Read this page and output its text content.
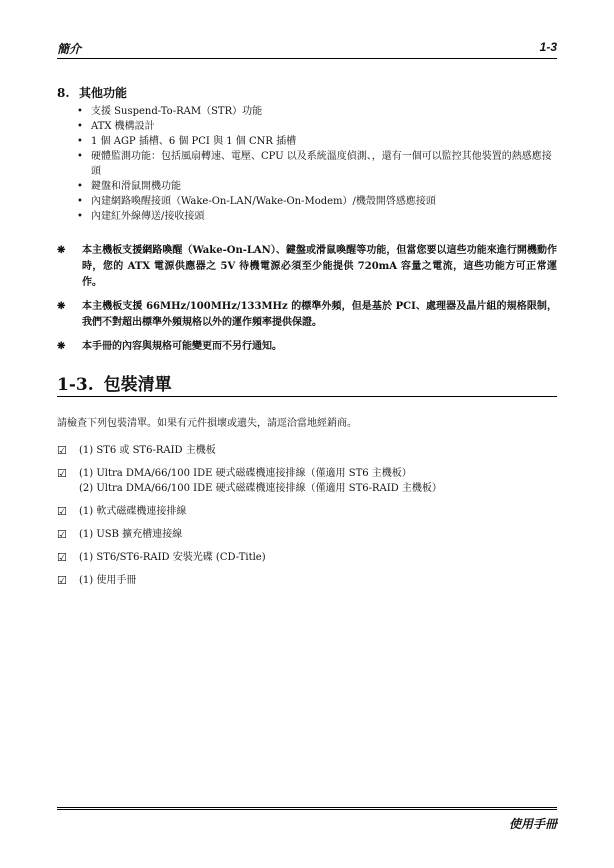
簡介	1-3
8. 其他功能
• 支援 Suspend-To-RAM（STR）功能
• ATX 機構設計
• 1 個 AGP 插槽、6 個 PCI 與 1 個 CNR 插槽
• 硬體監測功能：包括風扇轉速、電壓、CPU 以及系統溫度偵測、，還有一個可以監控其他裝置的熱感應接頭
• 鍵盤和滑鼠開機功能
• 內建網路喚醒接頭（Wake-On-LAN/Wake-On-Modem）/機殼開啓感應接頭
• 內建紅外線傳送/接收接頭
❋ 本主機板支援網路喚醒（Wake-On-LAN）、鍵盤或滑鼠喚醒等功能，但當您要以這些功能來進行開機動作時，您的 ATX 電源供應器之 5V 待機電源必須至少能提供 720mA 容量之電流，這些功能方可正常運作。
❋ 本主機板支援 66MHz/100MHz/133MHz 的標準外頻，但是基於 PCI、處理器及晶片組的規格限制，我們不對超出標準外頻規格以外的運作頻率提供保證。
❋ 本手冊的內容與規格可能變更而不另行通知。
1-3. 包裝清單
請檢查下列包裝清單。如果有元件損壞或遺失，請逕洽當地經銷商。
☑ (1) ST6 或 ST6-RAID 主機板
☑ (1) Ultra DMA/66/100 IDE 硬式磁碟機連接排線（僅適用 ST6 主機板）
(2) Ultra DMA/66/100 IDE 硬式磁碟機連接排線（僅適用 ST6-RAID 主機板）
☑ (1) 軟式磁碟機連接排線
☑ (1) USB 擴充槽連接線
☑ (1) ST6/ST6-RAID 安裝光碟 (CD-Title)
☑ (1) 使用手冊
使用手冊
